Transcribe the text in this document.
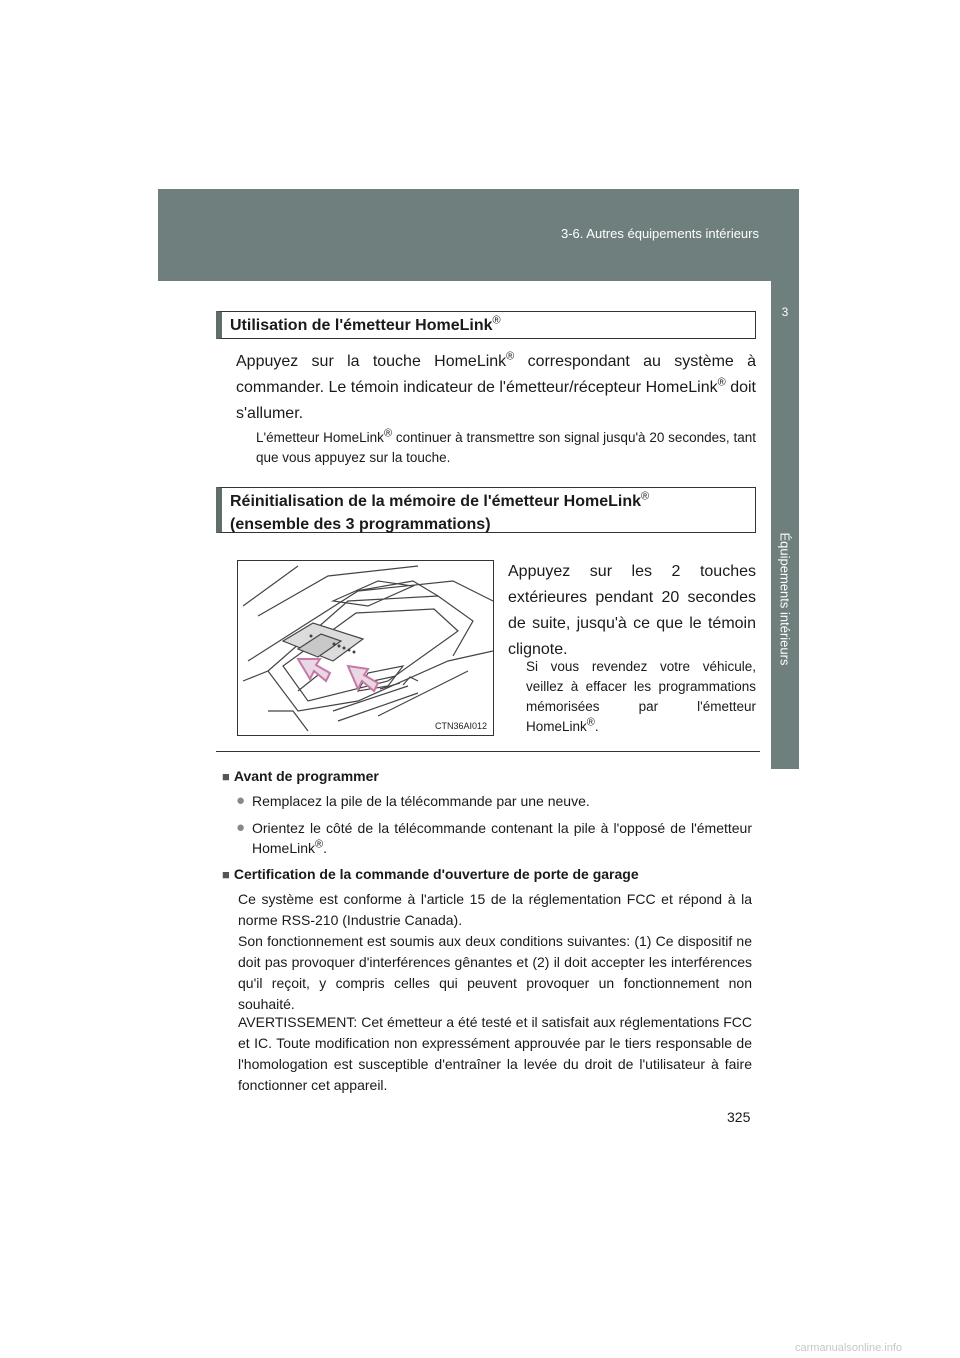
3-6. Autres équipements intérieurs
3
Équipements intérieurs
Utilisation de l'émetteur HomeLink®
Appuyez sur la touche HomeLink® correspondant au système à commander. Le témoin indicateur de l'émetteur/récepteur HomeLink® doit s'allumer.
L'émetteur HomeLink® continuer à transmettre son signal jusqu'à 20 secondes, tant que vous appuyez sur la touche.
Réinitialisation de la mémoire de l'émetteur HomeLink®
(ensemble des 3 programmations)
CTN36AI012
Appuyez sur les 2 touches extérieures pendant 20 secondes de suite, jusqu'à ce que le témoin clignote.
Si vous revendez votre véhicule, veillez à effacer les programmations mémorisées par l'émetteur HomeLink®.
■ Avant de programmer
● Remplacez la pile de la télécommande par une neuve.
● Orientez le côté de la télécommande contenant la pile à l'opposé de l'émetteur HomeLink®.
■ Certification de la commande d'ouverture de porte de garage
Ce système est conforme à l'article 15 de la réglementation FCC et répond à la norme RSS-210 (Industrie Canada).
Son fonctionnement est soumis aux deux conditions suivantes: (1) Ce dispositif ne doit pas provoquer d'interférences gênantes et (2) il doit accepter les interférences qu'il reçoit, y compris celles qui peuvent provoquer un fonctionnement non souhaité.
AVERTISSEMENT: Cet émetteur a été testé et il satisfait aux réglementations FCC et IC. Toute modification non expressément approuvée par le tiers responsable de l'homologation est susceptible d'entraîner la levée du droit de l'utilisateur à faire fonctionner cet appareil.
325
carmanualsonline.info
